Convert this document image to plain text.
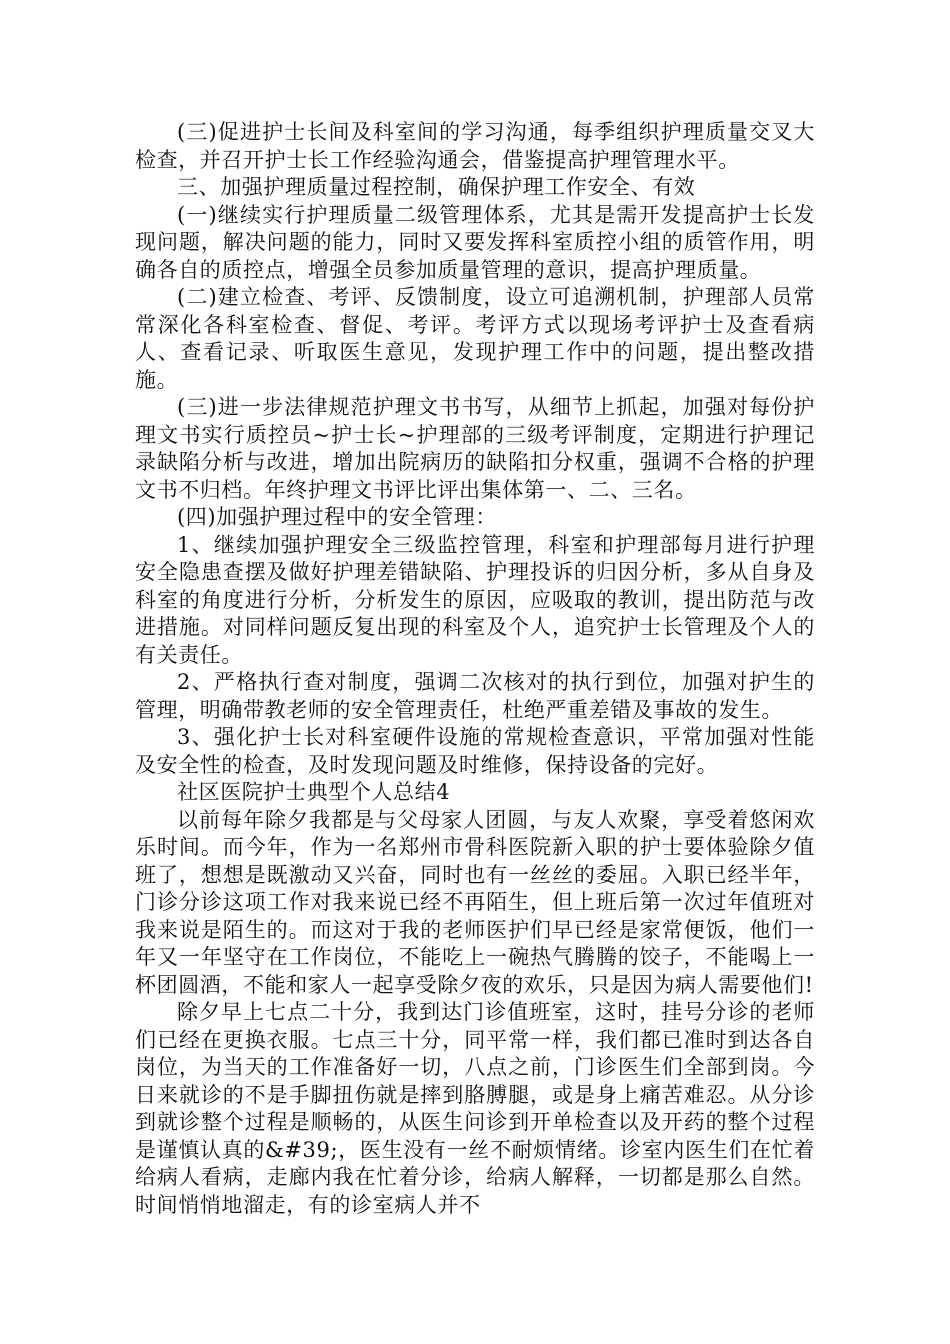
(三)促进护士长间及科室间的学习沟通，每季组织护理质量交叉大检查，并召开护士长工作经验沟通会，借鉴提高护理管理水平。

三、加强护理质量过程控制，确保护理工作安全、有效

(一)继续实行护理质量二级管理体系，尤其是需开发提高护士长发现问题，解决问题的能力，同时又要发挥科室质控小组的质管作用，明确各自的质控点，增强全员参加质量管理的意识，提高护理质量。

(二)建立检查、考评、反馈制度，设立可追溯机制，护理部人员常常深化各科室检查、督促、考评。考评方式以现场考评护士及查看病人、查看记录、听取医生意见，发现护理工作中的问题，提出整改措施。

(三)进一步法律规范护理文书书写，从细节上抓起，加强对每份护理文书实行质控员~护士长~护理部的三级考评制度，定期进行护理记录缺陷分析与改进，增加出院病历的缺陷扣分权重，强调不合格的护理文书不归档。年终护理文书评比评出集体第一、二、三名。

(四)加强护理过程中的安全管理：

1、继续加强护理安全三级监控管理，科室和护理部每月进行护理安全隐患查摆及做好护理差错缺陷、护理投诉的归因分析，多从自身及科室的角度进行分析，分析发生的原因，应吸取的教训，提出防范与改进措施。对同样问题反复出现的科室及个人，追究护士长管理及个人的有关责任。

2、严格执行查对制度，强调二次核对的执行到位，加强对护生的管理，明确带教老师的安全管理责任，杜绝严重差错及事故的发生。

3、强化护士长对科室硬件设施的常规检查意识，平常加强对性能及安全性的检查，及时发现问题及时维修，保持设备的完好。

社区医院护士典型个人总结4

以前每年除夕我都是与父母家人团圆，与友人欢聚，享受着悠闲欢乐时间。而今年，作为一名郑州市骨科医院新入职的护士要体验除夕值班了，想想是既激动又兴奋，同时也有一丝丝的委屈。入职已经半年，门诊分诊这项工作对我来说已经不再陌生，但上班后第一次过年值班对我来说是陌生的。而这对于我的老师医护们早已经是家常便饭，他们一年又一年坚守在工作岗位，不能吃上一碗热气腾腾的饺子，不能喝上一杯团圆酒，不能和家人一起享受除夕夜的欢乐，只是因为病人需要他们!

除夕早上七点二十分，我到达门诊值班室，这时，挂号分诊的老师们已经在更换衣服。七点三十分，同平常一样，我们都已准时到达各自岗位，为当天的工作准备好一切，八点之前，门诊医生们全部到岗。今日来就诊的不是手脚扭伤就是摔到胳膊腿，或是身上痛苦难忍。从分诊到就诊整个过程是顺畅的，从医生问诊到开单检查以及开药的整个过程是谨慎认真的&#39;，医生没有一丝不耐烦情绪。诊室内医生们在忙着给病人看病，走廊内我在忙着分诊，给病人解释，一切都是那么自然。时间悄悄地溜走，有的诊室病人并不
